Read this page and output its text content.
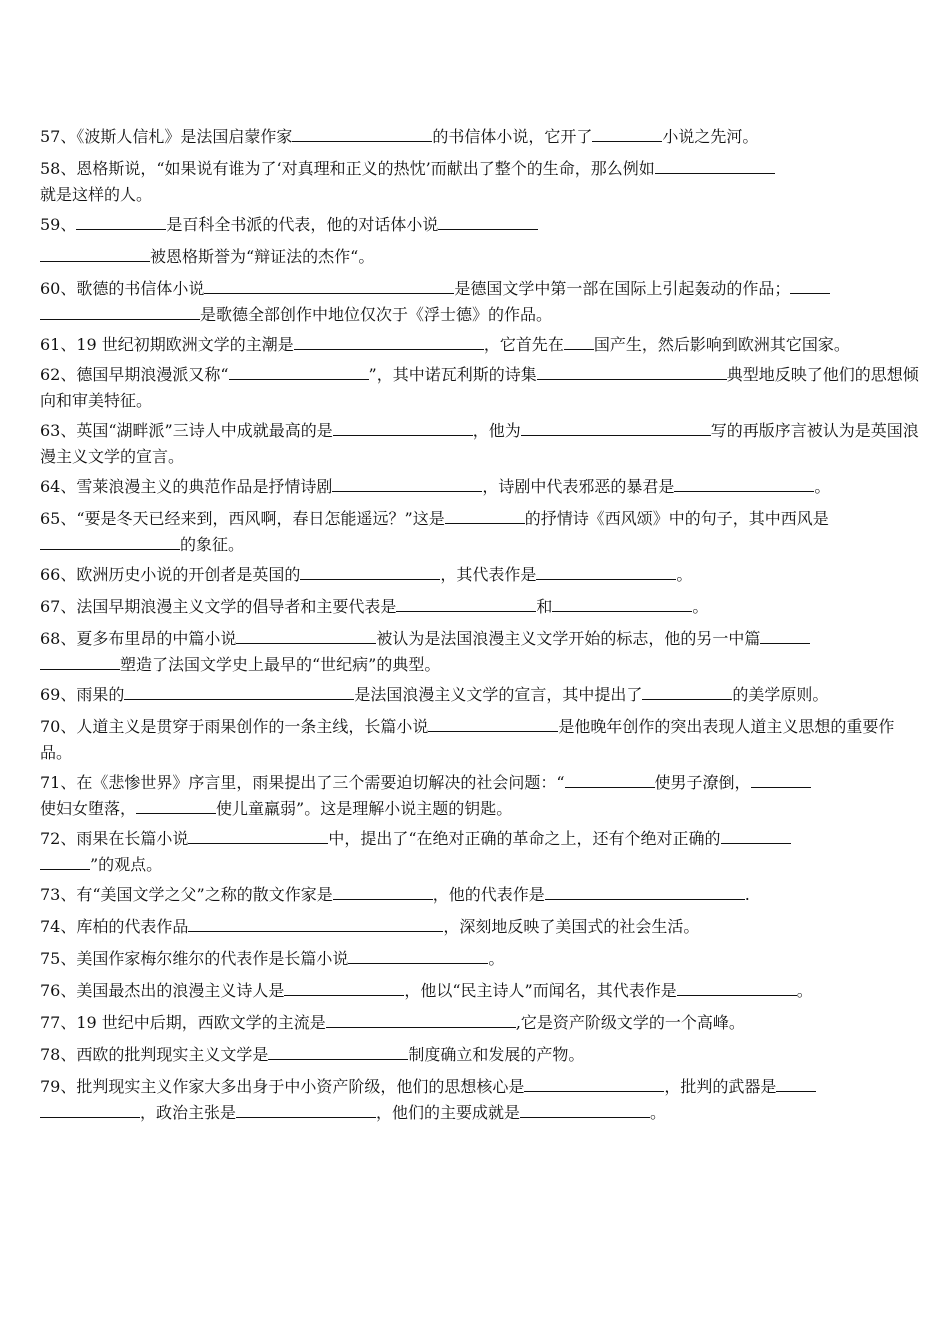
57、《波斯人信札》是法国启蒙作家	的书信体小说，它开了	小说之先河。

58、恩格斯说，“如果说有谁为了‘对真理和正义的热忱’而献出了整个的生命，那么例如
就是这样的人。

59、	是百科全书派的代表，他的对话体小说

被恩格斯誉为“辩证法的杰作“。

60、歌德的书信体小说	是德国文学中第一部在国际上引起轰动的作品；
是歌德全部创作中地位仅次于《浮士德》的作品。

61、19 世纪初期欧洲文学的主潮是	，它首先在 国产生，然后影响到欧洲其它国家。

62、德国早期浪漫派又称“	”，其中诺瓦利斯的诗集	典型地反映了他们的思想倾向和审美特征。

63、英国“湖畔派”三诗人中成就最高的是	，他为	写的再版序言被认为是英国浪漫主义文学的宣言。

64、雪莱浪漫主义的典范作品是抒情诗剧	，诗剧中代表邪恶的暴君是	。

65、“要是冬天已经来到，西风啊，春日怎能遥远？”这是	的抒情诗《西风颂》中的句子，其中西风是的象征。

66、欧洲历史小说的开创者是英国的	，其代表作是	。

67、法国早期浪漫主义文学的倡导者和主要代表是	和	。

68、夏多布里昂的中篇小说	被认为是法国浪漫主义文学开始的标志，他的另一中篇
塑造了法国文学史上最早的“世纪病”的典型。

69、雨果的	是法国浪漫主义文学的宣言，其中提出了	的美学原则。

70、人道主义是贯穿于雨果创作的一条主线，长篇小说	是他晚年创作的突出表现人道主义思想的重要作品。

71、在《悲惨世界》序言里，雨果提出了三个需要迫切解决的社会问题：“	使男子潦倒，
使妇女堕落，	使儿童羸弱”。这是理解小说主题的钥匙。

72、雨果在长篇小说	中，提出了“在绝对正确的革命之上，还有个绝对正确的
”的观点。

73、有“美国文学之父”之称的散文作家是	，他的代表作是	.

74、库柏的代表作品	，深刻地反映了美国式的社会生活。

75、美国作家梅尔维尔的代表作是长篇小说	。

76、美国最杰出的浪漫主义诗人是	，他以“民主诗人”而闻名，其代表作是	。

77、19 世纪中后期，西欧文学的主流是	,它是资产阶级文学的一个高峰。

78、西欧的批判现实主义文学是	制度确立和发展的产物。

79、批判现实主义作家大多出身于中小资产阶级，他们的思想核心是	，批判的武器是
，政治主张是	，他们的主要成就是	。
